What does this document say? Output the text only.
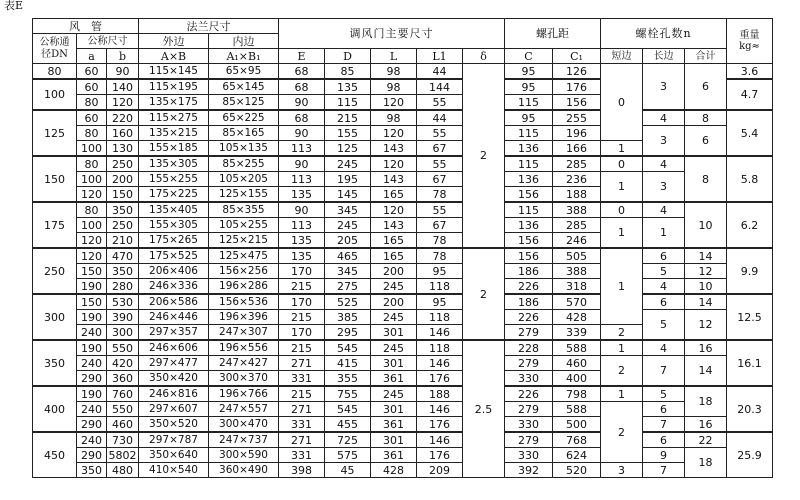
表E
风　管			法兰尺寸		调风门主要尺寸					螺孔距		螺栓孔数n			重量
kg≈
公称通
径DN	公称尺寸		外边	内边											
	a	b	A×B	A₁×B₁	E	D	L	L1	δ	C	C₁	短边	长边	合计	
80	60	90	115×145	65×95	68	85	98	44	2	95	126	0	3	6	3.6
100	60	140	115×195	65×145	68	135	98	144		95	176				4.7
	80	120	135×175	85×125	90	115	120	55		115	156				
125	60	220	115×275	65×225	68	215	98	44		95	255		4	8	5.4
	80	160	135×215	85×165	90	155	120	55		115	196		3	6	
	100	130	155×185	105×135	113	125	143	67		136	166	1			
150	80	250	135×305	85×255	90	245	120	55		115	285	0	4	8	5.8
	100	200	155×255	105×205	113	195	143	67		136	236	1	3		
	120	150	175×225	125×155	135	145	165	78		156	188				
175	80	350	135×405	85×355	90	345	120	55		115	388	0	4	10	6.2
	100	250	155×305	105×255	113	245	143	67		136	285	1	1		
	120	210	175×265	125×215	135	205	165	78		156	246				
250	120	470	175×525	125×475	135	465	165	78	2	156	505	1	6	14	9.9
	150	350	206×406	156×256	170	345	200	95		186	388		5	12	
	190	280	246×336	196×286	215	275	245	118		226	318		4	10	
300	150	530	206×586	156×536	170	525	200	95		186	570		6	14	12.5
	190	390	246×446	196×396	215	385	245	118		226	428		5	12	
	240	300	297×357	247×307	170	295	301	146		279	339	2			
350	190	550	246×606	196×556	215	545	245	118	2.5	228	588	1	4	16	16.1
	240	420	297×477	247×427	271	415	301	146		279	460	2	7	14	
	290	360	350×420	300×370	331	355	361	176		330	400				
400	190	760	246×816	196×766	215	755	245	188		226	798	1	5	18	20.3
	240	550	297×607	247×557	271	545	301	146		279	588	2	6		
	290	460	350×520	300×470	331	455	361	176		330	500		7	16	
450	240	730	297×787	247×737	271	725	301	146		279	768		6	22	25.9
	290	5802	350×640	300×590	331	575	361	176		330	624		9	18	
	350	480	410×540	360×490	398	45	428	209		392	520	3	7		
